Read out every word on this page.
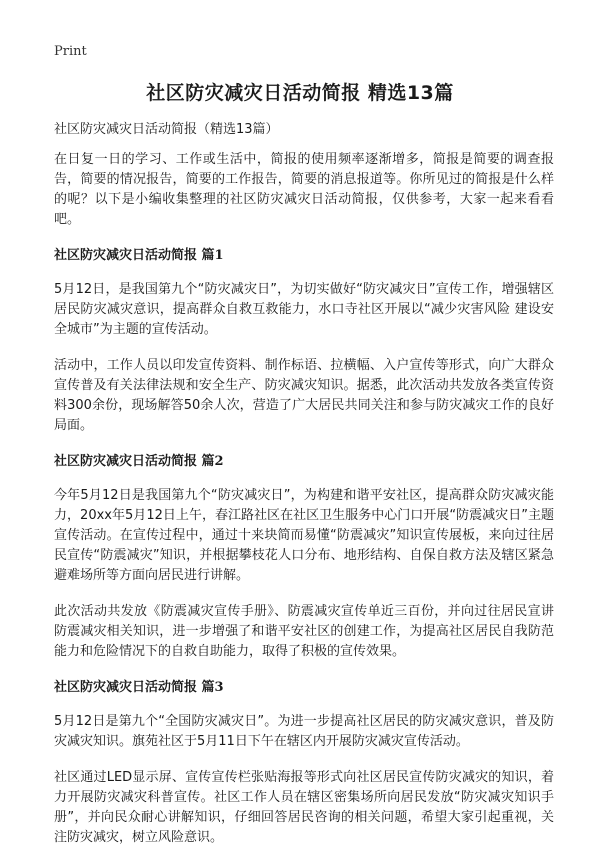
Print
社区防灾减灾日活动简报 精选13篇

社区防灾减灾日活动简报（精选13篇）

在日复一日的学习、工作或生活中，简报的使用频率逐渐增多，简报是简要的调查报告，简要的情况报告，简要的工作报告，简要的消息报道等。你所见过的简报是什么样的呢？以下是小编收集整理的社区防灾减灾日活动简报，仅供参考，大家一起来看看吧。

社区防灾减灾日活动简报 篇1

5月12日，是我国第九个“防灾减灾日”，为切实做好“防灾减灾日”宣传工作，增强辖区居民防灾减灾意识，提高群众自救互救能力，水口寺社区开展以“减少灾害风险 建设安全城市”为主题的宣传活动。

活动中，工作人员以印发宣传资料、制作标语、拉横幅、入户宣传等形式，向广大群众宣传普及有关法律法规和安全生产、防灾减灾知识。据悉，此次活动共发放各类宣传资料300余份，现场解答50余人次，营造了广大居民共同关注和参与防灾减灾工作的良好局面。

社区防灾减灾日活动简报 篇2

今年5月12日是我国第九个“防灾减灾日”，为构建和谐平安社区，提高群众防灾减灾能力，20xx年5月12日上午，春江路社区在社区卫生服务中心门口开展“防震减灾日”主题宣传活动。在宣传过程中，通过十来块简而易懂“防震减灾”知识宣传展板，来向过往居民宣传“防震减灾”知识，并根据攀枝花人口分布、地形结构、自保自救方法及辖区紧急避难场所等方面向居民进行讲解。

此次活动共发放《防震减灾宣传手册》、防震减灾宣传单近三百份，并向过往居民宣讲防震减灾相关知识，进一步增强了和谐平安社区的创建工作，为提高社区居民自我防范能力和危险情况下的自救自助能力，取得了积极的宣传效果。

社区防灾减灾日活动简报 篇3

5月12日是第九个“全国防灾减灾日”。为进一步提高社区居民的防灾减灾意识，普及防灾减灾知识。旗苑社区于5月11日下午在辖区内开展防灾减灾宣传活动。

社区通过LED显示屏、宣传宣传栏张贴海报等形式向社区居民宣传防灾减灾的知识，着力开展防灾减灾科普宣传。社区工作人员在辖区密集场所向居民发放“防灾减灾知识手册”，并向民众耐心讲解知识，仔细回答居民咨询的相关问题，希望大家引起重视，关注防灾减灾，树立风险意识。
